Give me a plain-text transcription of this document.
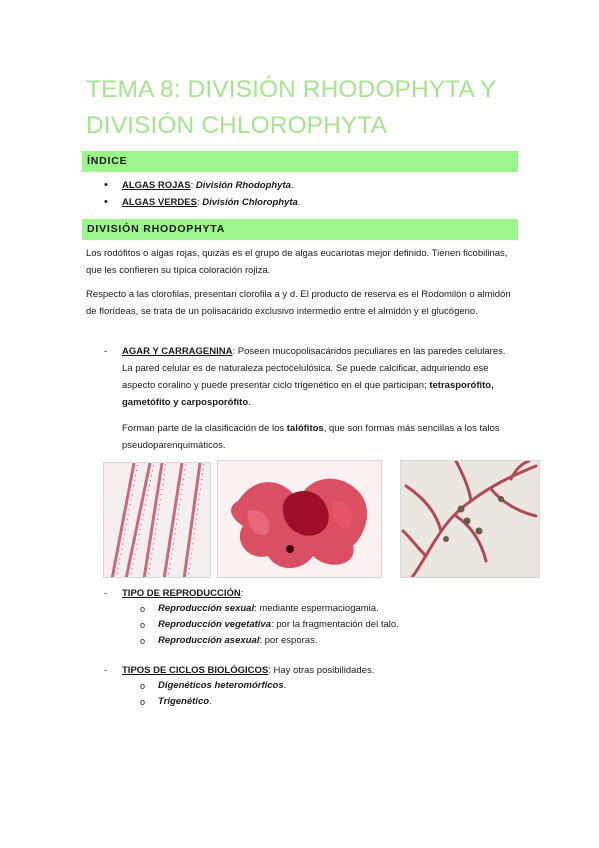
TEMA 8: DIVISIÓN RHODOPHYTA Y DIVISIÓN CHLOROPHYTA
ÍNDICE
• ALGAS ROJAS: División Rhodophyta.
• ALGAS VERDES: División Chlorophyta.
DIVISIÓN RHODOPHYTA

Los rodófitos o algas rojas, quizás es el grupo de algas eucariotas mejor definido. Tienen ficobilinas, que les confieren su típica coloración rojiza.

Respecto a las clorofilas, presentan clorofila a y d. El producto de reserva es el Rodomilón o almidón de florídeas, se trata de un polisacárido exclusivo intermedio entre el almidón y el glucógeno.

- AGAR Y CARRAGENINA: Poseen mucopolisacáridos peculiares en las paredes celulares. La pared celular es de naturaleza pectocelulósica. Se puede calcificar, adquiriendo ese aspecto coralino y puede presentar ciclo trigenético en el que participan; tetrasporófito, gametófito y carposporófito.

Forman parte de la clasificación de los talófitos, que son formas más sencillas a los talos pseudoparenquimáticos.

- TIPO DE REPRODUCCIÓN:
o Reproducción sexual: mediante espermaciogamia.
o Reproducción vegetativa: por la fragmentación del talo.
o Reproducción asexual: por esporas.
- TIPOS DE CICLOS BIOLÓGICOS: Hay otras posibilidades.
o Digenéticos heteromórficos.
o Trigenético.
